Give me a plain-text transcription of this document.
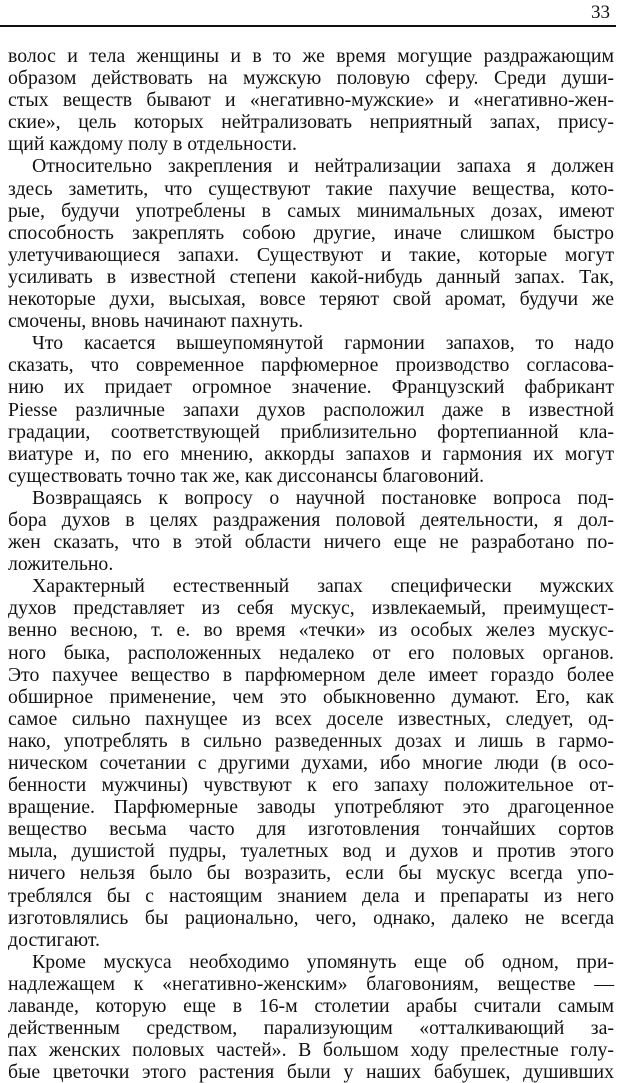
33
волос и тела женщины и в то же время могущие раздражающим
образом действовать на мужскую половую сферу. Среди души-
стых веществ бывают и «негативно-мужские» и «негативно-жен-
ские», цель которых нейтрализовать неприятный запах, прису-
щий каждому полу в отдельности.
Относительно закрепления и нейтрализации запаха я должен
здесь заметить, что существуют такие пахучие вещества, кото-
рые, будучи употреблены в самых минимальных дозах, имеют
способность закреплять собою другие, иначе слишком быстро
улетучивающиеся запахи. Существуют и такие, которые могут
усиливать в известной степени какой-нибудь данный запах. Так,
некоторые духи, высыхая, вовсе теряют свой аромат, будучи же
смочены, вновь начинают пахнуть.
Что касается вышеупомянутой гармонии запахов, то надо
сказать, что современное парфюмерное производство согласова-
нию их придает огромное значение. Французский фабрикант
Piesse различные запахи духов расположил даже в известной
градации, соответствующей приблизительно фортепианной кла-
виатуре и, по его мнению, аккорды запахов и гармония их могут
существовать точно так же, как диссонансы благовоний.
Возвращаясь к вопросу о научной постановке вопроса под-
бора духов в целях раздражения половой деятельности, я дол-
жен сказать, что в этой области ничего еще не разработано по-
ложительно.
Характерный естественный запах специфически мужских
духов представляет из себя мускус, извлекаемый, преимущест-
венно весною, т. е. во время «течки» из особых желез мускус-
ного быка, расположенных недалеко от его половых органов.
Это пахучее вещество в парфюмерном деле имеет гораздо более
обширное применение, чем это обыкновенно думают. Его, как
самое сильно пахнущее из всех доселе известных, следует, од-
нако, употреблять в сильно разведенных дозах и лишь в гармо-
ническом сочетании с другими духами, ибо многие люди (в осо-
бенности мужчины) чувствуют к его запаху положительное от-
вращение. Парфюмерные заводы употребляют это драгоценное
вещество весьма часто для изготовления тончайших сортов
мыла, душистой пудры, туалетных вод и духов и против этого
ничего нельзя было бы возразить, если бы мускус всегда упо-
треблялся бы с настоящим знанием дела и препараты из него
изготовлялись бы рационально, чего, однако, далеко не всегда
достигают.
Кроме мускуса необходимо упомянуть еще об одном, при-
надлежащем к «негативно-женским» благовониям, веществе —
лаванде, которую еще в 16-м столетии арабы считали самым
действенным средством, парализующим «отталкивающий за-
пах женских половых частей». В большом ходу прелестные голу-
бые цветочки этого растения были у наших бабушек, душивших
